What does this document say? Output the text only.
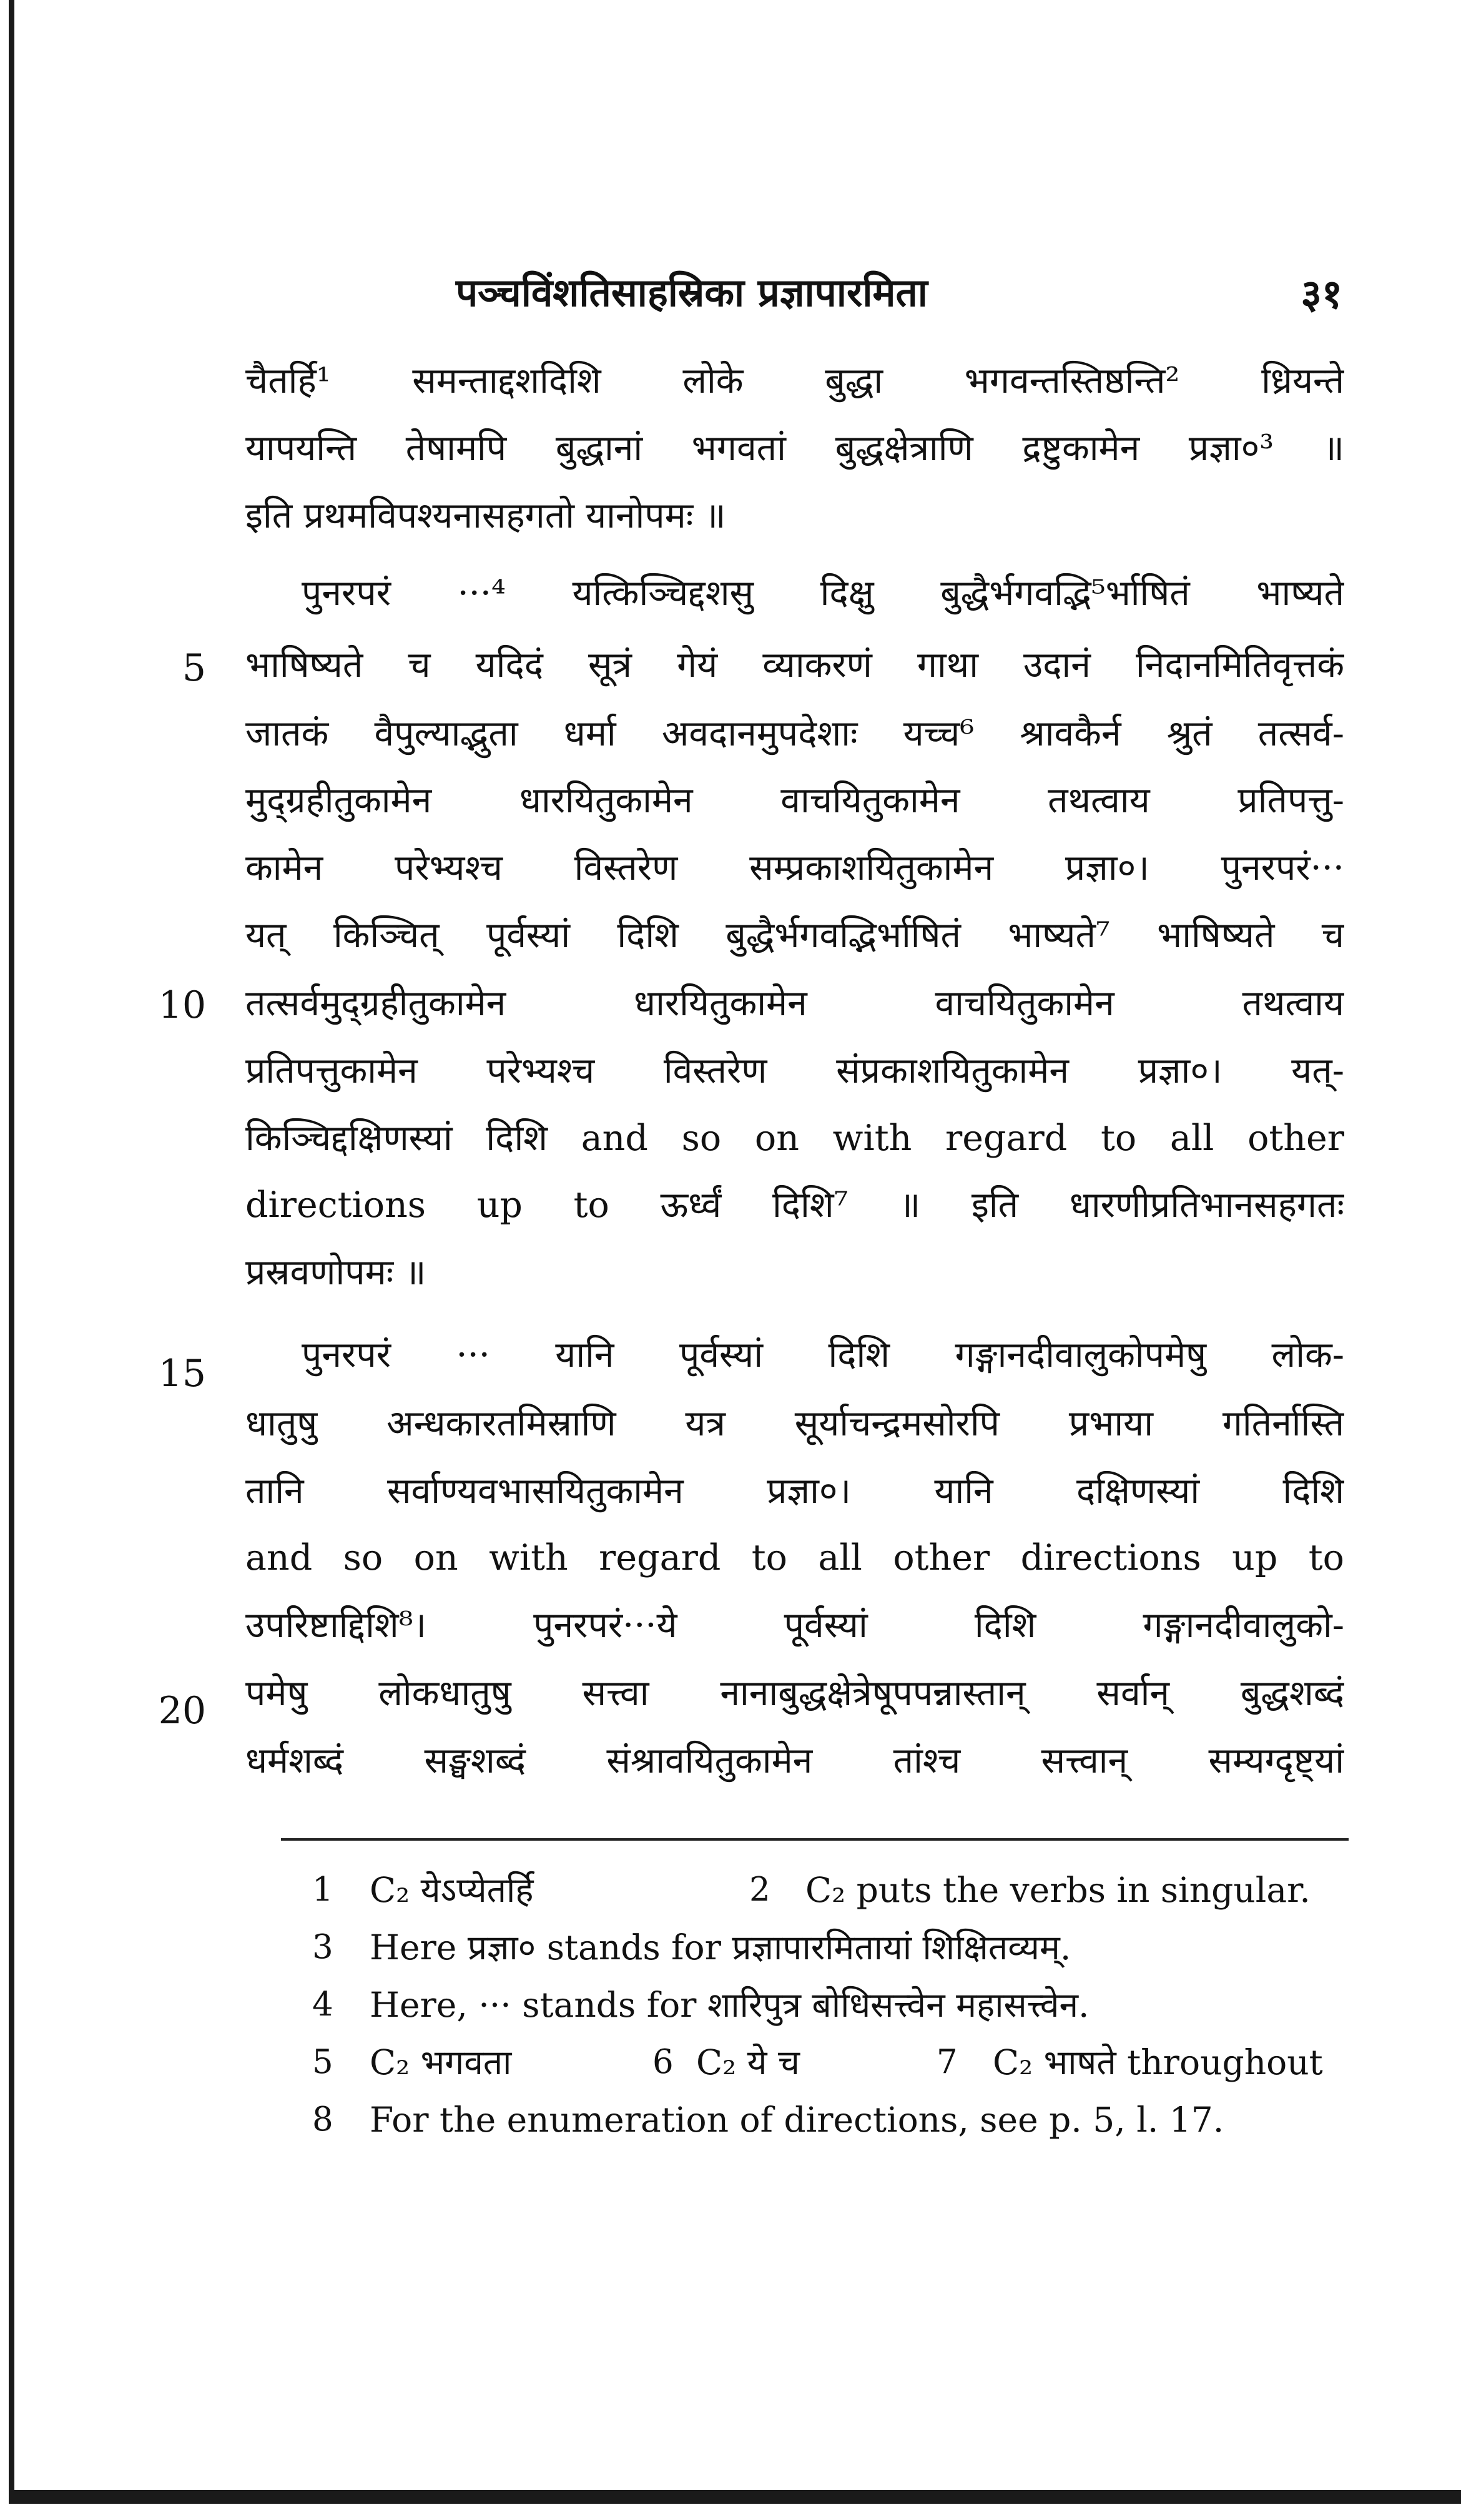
पञ्चविंशतिसाहस्रिका प्रज्ञापारमिता	३१
5
10
15
20
चैतर्हि¹ समन्ताद्दशदिशि लोके बुद्धा भगवन्तस्तिष्ठन्ति² ध्रियन्ते
यापयन्ति तेषामपि बुद्धानां भगवतां बुद्धक्षेत्राणि द्रष्टुकामेन प्रज्ञा०³ ॥
इति प्रथमविपश्यनासहगतो यानोपमः ॥
पुनरपरं ···⁴ यत्किञ्चिद्दशसु दिक्षु बुद्धैर्भगवद्भि⁵र्भाषितं भाष्यते
भाषिष्यते च यदिदं सूत्रं गेयं व्याकरणं गाथा उदानं निदानमितिवृत्तकं
जातकं वैपुल्याद्भुता धर्मा अवदानमुपदेशाः यच्च⁶ श्रावकैर्न श्रुतं तत्सर्व-
मुद्ग्रहीतुकामेन धारयितुकामेन वाचयितुकामेन तथत्वाय प्रतिपत्तु-
कामेन परेभ्यश्च विस्तरेण सम्प्रकाशयितुकामेन प्रज्ञा०। पुनरपरं···
यत् किञ्चित् पूर्वस्यां दिशि बुद्धैर्भगवद्भिर्भाषितं भाष्यते⁷ भाषिष्यते च
तत्सर्वमुद्ग्रहीतुकामेन धारयितुकामेन वाचयितुकामेन तथत्वाय
प्रतिपत्तुकामेन परेभ्यश्च विस्तरेण संप्रकाशयितुकामेन प्रज्ञा०। यत्-
किञ्चिद्दक्षिणस्यां दिशि and so on with regard to all other
directions up to ऊर्ध्वं दिशि⁷ ॥ इति धारणीप्रतिभानसहगतः
प्रस्रवणोपमः ॥
पुनरपरं ··· यानि पूर्वस्यां दिशि गङ्गानदीवालुकोपमेषु लोक-
धातुषु अन्धकारतमिस्राणि यत्र सूर्याचन्द्रमसोरपि प्रभाया गतिर्नास्ति
तानि सर्वाण्यवभासयितुकामेन प्रज्ञा०। यानि दक्षिणस्यां दिशि
and so on with regard to all other directions up to
उपरिष्टाद्दिशि⁸। पुनरपरं···ये पूर्वस्यां दिशि गङ्गानदीवालुको-
पमेषु लोकधातुषु सत्त्वा नानाबुद्धक्षेत्रेषूपपन्नास्तान् सर्वान् बुद्धशब्दं
धर्मशब्दं सङ्घशब्दं संश्रावयितुकामेन तांश्च सत्त्वान् सम्यग्दृष्ट्यां
1 C₂ येऽप्येतर्हि	2 C₂ puts the verbs in singular.
3 Here प्रज्ञा० stands for प्रज्ञापारमितायां शिक्षितव्यम्.
4 Here, ··· stands for शारिपुत्र बोधिसत्त्वेन महासत्त्वेन.
5 C₂ भगवता	6 C₂ ये च	7 C₂ भाषते throughout
8 For the enumeration of directions, see p. 5, l. 17.
